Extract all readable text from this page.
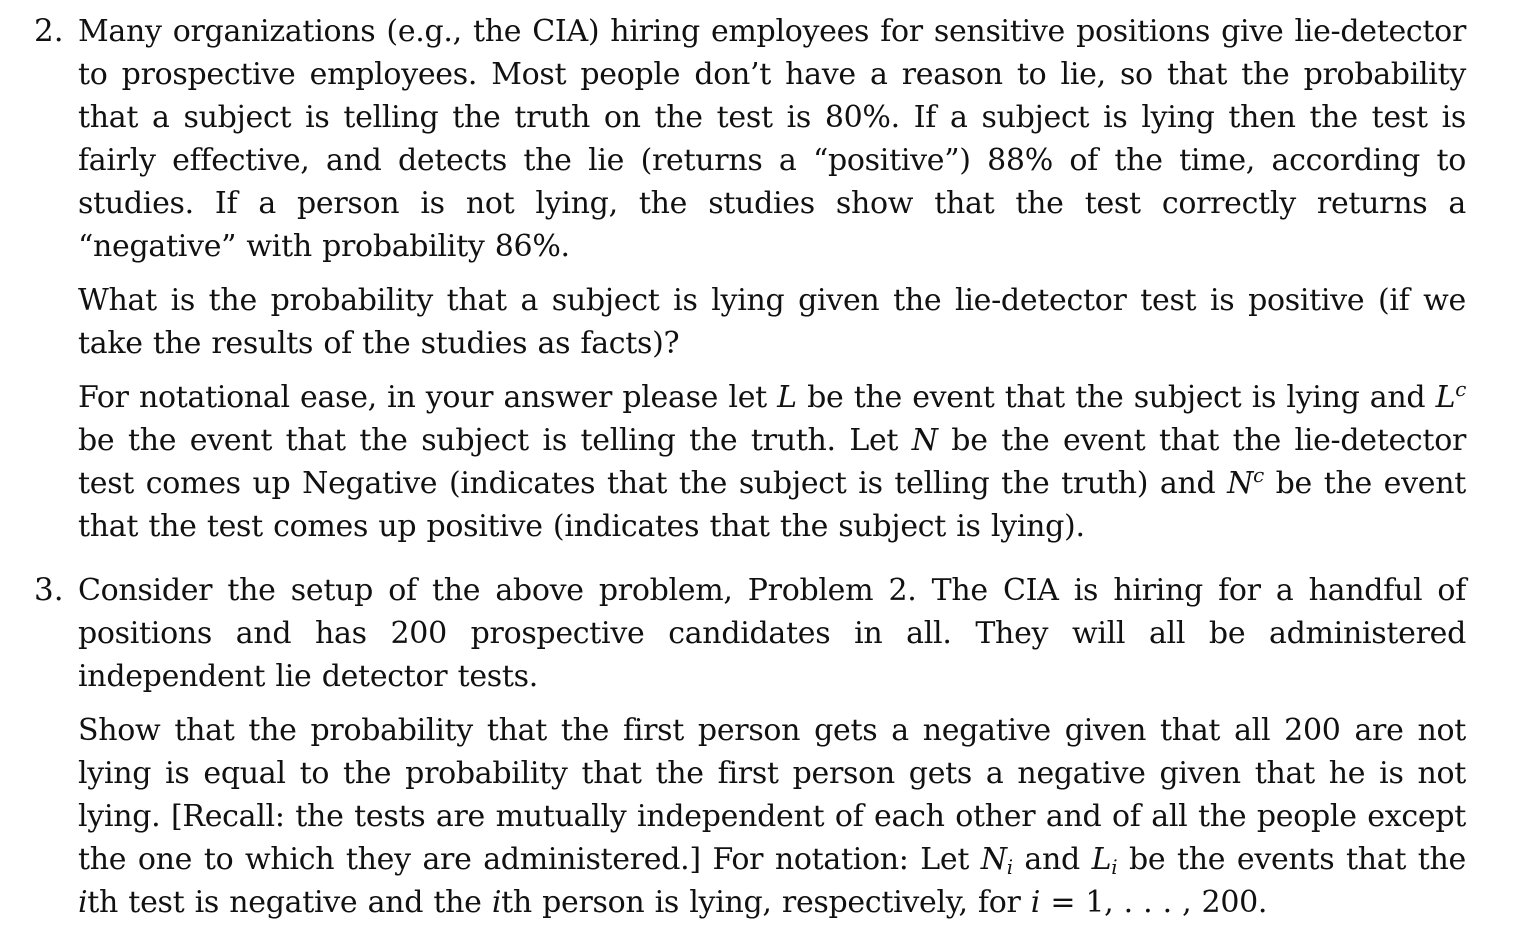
2. Many organizations (e.g., the CIA) hiring employees for sensitive positions give lie-detector to prospective employees. Most people don’t have a reason to lie, so that the probability that a subject is telling the truth on the test is 80%. If a subject is lying then the test is fairly effective, and detects the lie (returns a “positive”) 88% of the time, according to studies. If a person is not lying, the studies show that the test correctly returns a “negative” with probability 86%.

What is the probability that a subject is lying given the lie-detector test is positive (if we take the results of the studies as facts)?

For notational ease, in your answer please let L be the event that the subject is lying and $L^c$ be the event that the subject is telling the truth. Let N be the event that the lie-detector test comes up Negative (indicates that the subject is telling the truth) and $N^c$ be the event that the test comes up positive (indicates that the subject is lying).

3. Consider the setup of the above problem, Problem 2. The CIA is hiring for a handful of positions and has 200 prospective candidates in all. They will all be administered independent lie detector tests.

Show that the probability that the first person gets a negative given that all 200 are not lying is equal to the probability that the first person gets a negative given that he is not lying. [Recall: the tests are mutually independent of each other and of all the people except the one to which they are administered.] For notation: Let $N_i$ and $L_i$ be the events that the ith test is negative and the ith person is lying, respectively, for i = 1, . . . , 200.
